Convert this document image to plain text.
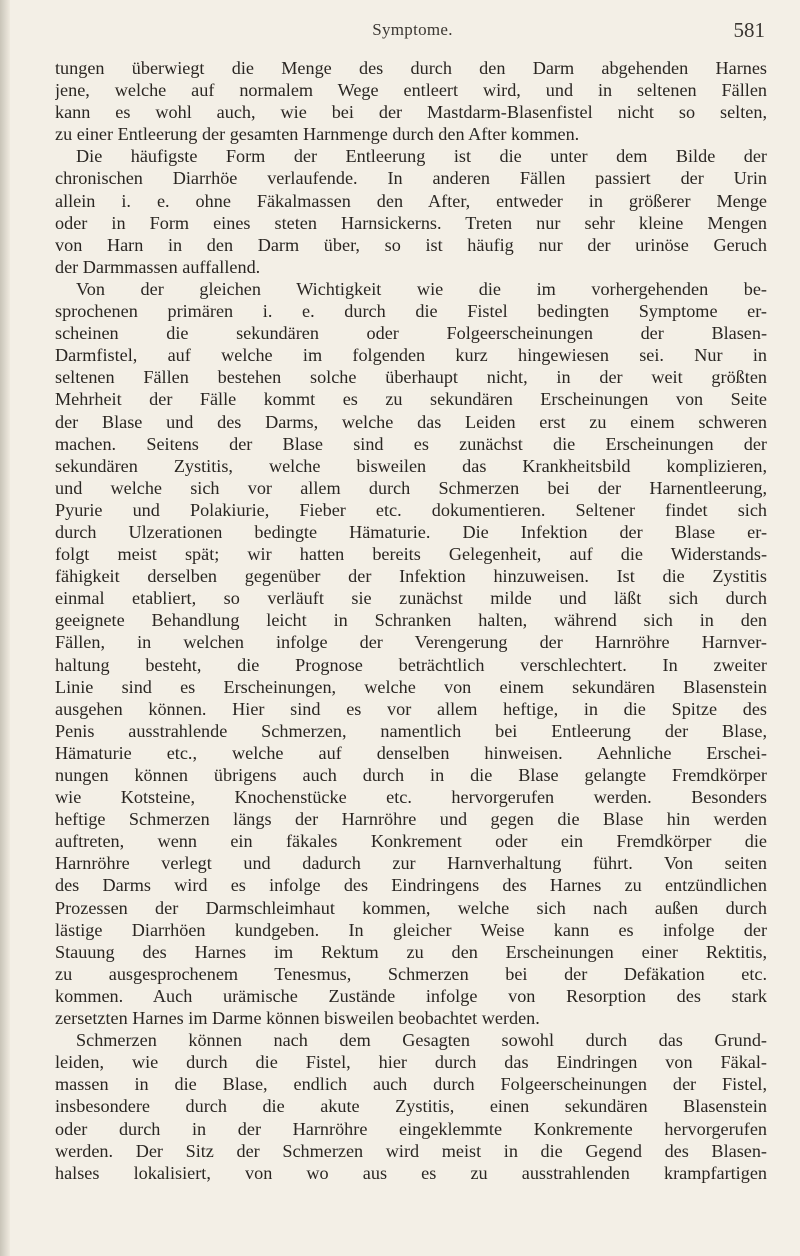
Symptome.	581
tungen überwiegt die Menge des durch den Darm abgehenden Harnes
jene, welche auf normalem Wege entleert wird, und in seltenen Fällen
kann es wohl auch, wie bei der Mastdarm-Blasenfistel nicht so selten,
zu einer Entleerung der gesamten Harnmenge durch den After kommen.
Die häufigste Form der Entleerung ist die unter dem Bilde der
chronischen Diarrhöe verlaufende. In anderen Fällen passiert der Urin
allein i. e. ohne Fäkalmassen den After, entweder in größerer Menge
oder in Form eines steten Harnsickerns. Treten nur sehr kleine Mengen
von Harn in den Darm über, so ist häufig nur der urinöse Geruch
der Darmmassen auffallend.
Von der gleichen Wichtigkeit wie die im vorhergehenden be-
sprochenen primären i. e. durch die Fistel bedingten Symptome er-
scheinen die sekundären oder Folgeerscheinungen der Blasen-
Darmfistel, auf welche im folgenden kurz hingewiesen sei. Nur in
seltenen Fällen bestehen solche überhaupt nicht, in der weit größten
Mehrheit der Fälle kommt es zu sekundären Erscheinungen von Seite
der Blase und des Darms, welche das Leiden erst zu einem schweren
machen. Seitens der Blase sind es zunächst die Erscheinungen der
sekundären Zystitis, welche bisweilen das Krankheitsbild komplizieren,
und welche sich vor allem durch Schmerzen bei der Harnentleerung,
Pyurie und Polakiurie, Fieber etc. dokumentieren. Seltener findet sich
durch Ulzerationen bedingte Hämaturie. Die Infektion der Blase er-
folgt meist spät; wir hatten bereits Gelegenheit, auf die Widerstands-
fähigkeit derselben gegenüber der Infektion hinzuweisen. Ist die Zystitis
einmal etabliert, so verläuft sie zunächst milde und läßt sich durch
geeignete Behandlung leicht in Schranken halten, während sich in den
Fällen, in welchen infolge der Verengerung der Harnröhre Harnver-
haltung besteht, die Prognose beträchtlich verschlechtert. In zweiter
Linie sind es Erscheinungen, welche von einem sekundären Blasenstein
ausgehen können. Hier sind es vor allem heftige, in die Spitze des
Penis ausstrahlende Schmerzen, namentlich bei Entleerung der Blase,
Hämaturie etc., welche auf denselben hinweisen. Aehnliche Erschei-
nungen können übrigens auch durch in die Blase gelangte Fremdkörper
wie Kotsteine, Knochenstücke etc. hervorgerufen werden. Besonders
heftige Schmerzen längs der Harnröhre und gegen die Blase hin werden
auftreten, wenn ein fäkales Konkrement oder ein Fremdkörper die
Harnröhre verlegt und dadurch zur Harnverhaltung führt. Von seiten
des Darms wird es infolge des Eindringens des Harnes zu entzündlichen
Prozessen der Darmschleimhaut kommen, welche sich nach außen durch
lästige Diarrhöen kundgeben. In gleicher Weise kann es infolge der
Stauung des Harnes im Rektum zu den Erscheinungen einer Rektitis,
zu ausgesprochenem Tenesmus, Schmerzen bei der Defäkation etc.
kommen. Auch urämische Zustände infolge von Resorption des stark
zersetzten Harnes im Darme können bisweilen beobachtet werden.
Schmerzen können nach dem Gesagten sowohl durch das Grund-
leiden, wie durch die Fistel, hier durch das Eindringen von Fäkal-
massen in die Blase, endlich auch durch Folgeerscheinungen der Fistel,
insbesondere durch die akute Zystitis, einen sekundären Blasenstein
oder durch in der Harnröhre eingeklemmte Konkremente hervorgerufen
werden. Der Sitz der Schmerzen wird meist in die Gegend des Blasen-
halses lokalisiert, von wo aus es zu ausstrahlenden krampfartigen
